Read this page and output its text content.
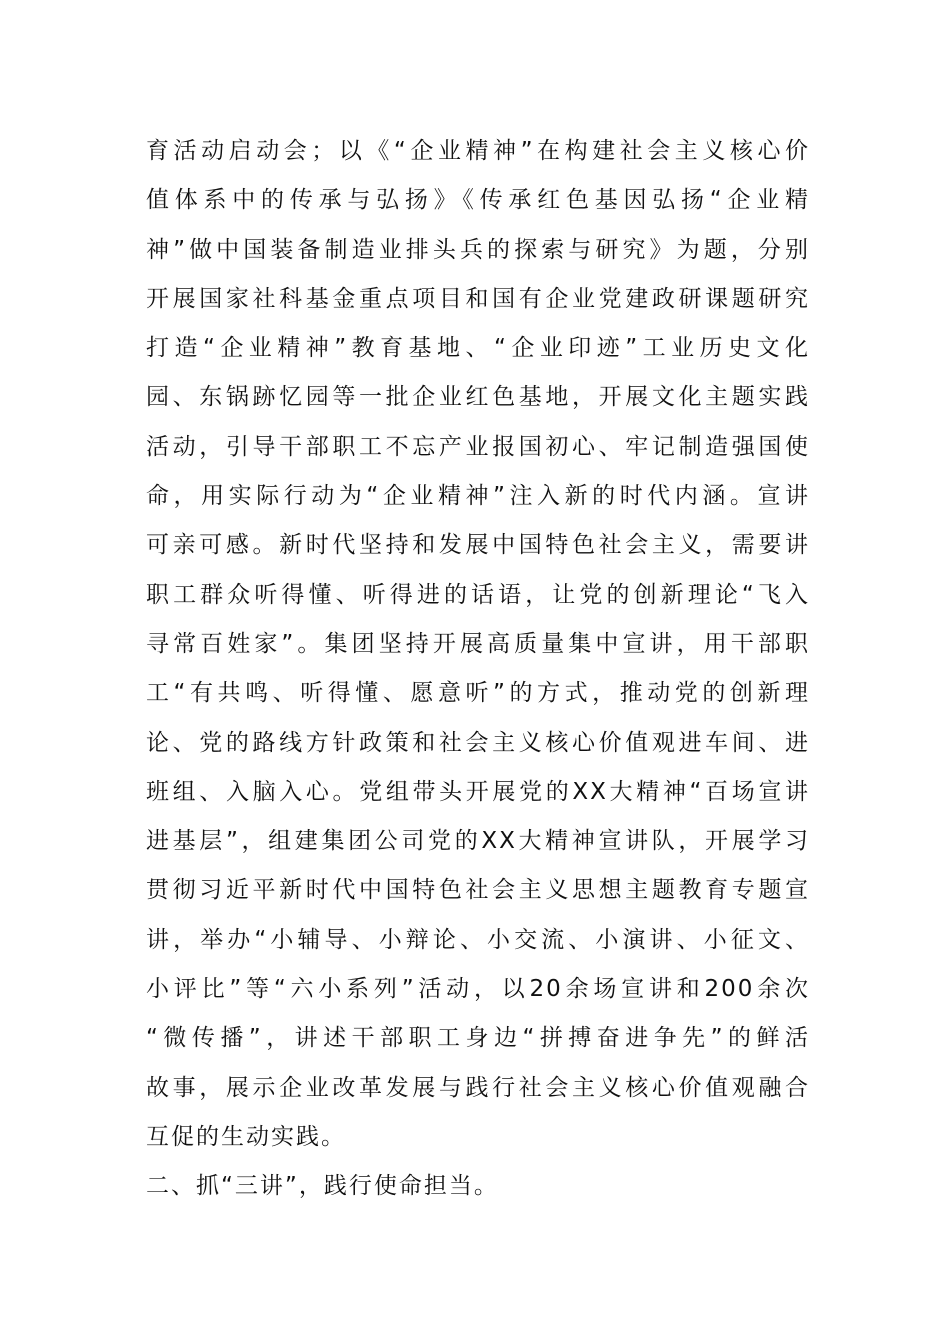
育活动启动会；以《“企业精神”在构建社会主义核心价
值体系中的传承与弘扬》《传承红色基因弘扬“企业精
神”做中国装备制造业排头兵的探索与研究》为题，分别
开展国家社科基金重点项目和国有企业党建政研课题研究
打造“企业精神”教育基地、“企业印迹”工业历史文化
园、东锅跡忆园等一批企业红色基地，开展文化主题实践
活动，引导干部职工不忘产业报国初心、牢记制造强国使
命，用实际行动为“企业精神”注入新的时代内涵。宣讲
可亲可感。新时代坚持和发展中国特色社会主义，需要讲
职工群众听得懂、听得进的话语，让党的创新理论“飞入
寻常百姓家”。集团坚持开展高质量集中宣讲，用干部职
工“有共鸣、听得懂、愿意听”的方式，推动党的创新理
论、党的路线方针政策和社会主义核心价值观进车间、进
班组、入脑入心。党组带头开展党的XX大精神“百场宣讲
进基层”，组建集团公司党的XX大精神宣讲队，开展学习
贯彻习近平新时代中国特色社会主义思想主题教育专题宣
讲，举办“小辅导、小辩论、小交流、小演讲、小征文、
小评比”等“六小系列”活动，以20余场宣讲和200余次
“微传播”，讲述干部职工身边“拼搏奋进争先”的鲜活
故事，展示企业改革发展与践行社会主义核心价值观融合
互促的生动实践。
二、抓“三讲”，践行使命担当。
